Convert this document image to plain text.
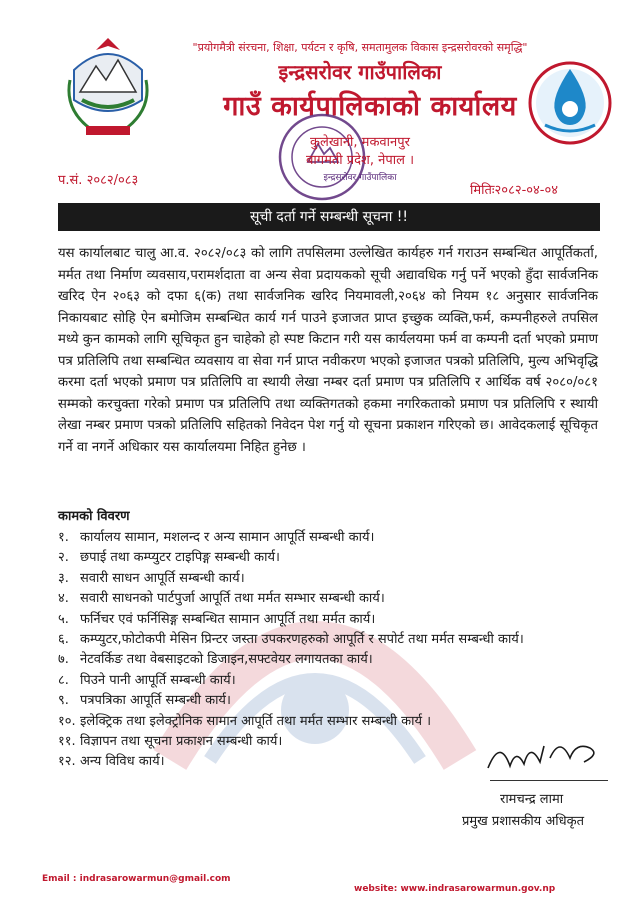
"प्रयोगमैत्री संरचना, शिक्षा, पर्यटन र कृषि, समतामुलक विकास इन्द्रसरोवरको समृद्धि"
इन्द्रसरोवर गाउँपालिका
गाउँ कार्यपालिकाको कार्यालय
कुलेखानी, मकवानपुर
बागमती प्रदेश, नेपाल ।
इन्द्रसरोवर गाउँपालिका
प.सं. २०८२/०८३
मितिः२०८२-०४-०४
सूची दर्ता गर्ने सम्बन्धी सूचना !!
यस कार्यालबाट चालु आ.व. २०८२/०८३ को लागि तपसिलमा उल्लेखित कार्यहरु गर्न गराउन सम्बन्धित आपूर्तिकर्ता, मर्मत तथा निर्माण व्यवसाय,परामर्शदाता वा अन्य सेवा प्रदायकको सूची अद्यावधिक गर्नु पर्ने भएको हुँदा सार्वजनिक खरिद ऐन २०६३ को दफा ६(क) तथा सार्वजनिक खरिद नियमावली,२०६४ को नियम १८ अनुसार सार्वजनिक निकायबाट सोहि ऐन बमोजिम सम्बन्धित कार्य गर्न पाउने इजाजत प्राप्त इच्छुक व्यक्ति,फर्म, कम्पनीहरुले तपसिल मध्ये कुन कामको लागि सूचिकृत हुन चाहेको हो स्पष्ट किटान गरी यस कार्यलयमा फर्म वा कम्पनी दर्ता भएको प्रमाण पत्र प्रतिलिपि तथा सम्बन्धित व्यवसाय वा सेवा गर्न प्राप्त नवीकरण भएको इजाजत पत्रको प्रतिलिपि, मुल्य अभिवृद्धि करमा दर्ता भएको प्रमाण पत्र प्रतिलिपि वा स्थायी लेखा नम्बर दर्ता प्रमाण पत्र प्रतिलिपि र आर्थिक वर्ष २०८०/०८१ सम्मको करचुक्ता गरेको प्रमाण पत्र प्रतिलिपि तथा व्यक्तिगतको हकमा नगरिकताको प्रमाण पत्र प्रतिलिपि र स्थायी लेखा नम्बर प्रमाण पत्रको प्रतिलिपि सहितको निवेदन पेश गर्नु यो सूचना प्रकाशन गरिएको छ। आवेदकलाई सूचिकृत गर्ने वा नगर्ने अधिकार यस कार्यालयमा निहित हुनेछ ।
कामको विवरण
१. कार्यालय सामान, मशलन्द र अन्य सामान आपूर्ति सम्बन्धी कार्य।
२. छपाई तथा कम्प्युटर टाइपिङ्ग सम्बन्धी कार्य।
३. सवारी साधन आपूर्ति सम्बन्धी कार्य।
४. सवारी साधनको पार्टपुर्जा आपूर्ति तथा मर्मत सम्भार सम्बन्धी कार्य।
५. फर्निचर एवं फर्निसिङ्ग सम्बन्धित सामान आपूर्ति तथा मर्मत कार्य।
६. कम्प्युटर,फोटोकपी मेसिन प्रिन्टर जस्ता उपकरणहरुको आपूर्ति र सपोर्ट तथा मर्मत सम्बन्धी कार्य।
७. नेटवर्किङ तथा वेबसाइटको डिजाइन,सफ्टवेयर लगायतका कार्य।
८. पिउने पानी आपूर्ति सम्बन्धी कार्य।
९. पत्रपत्रिका आपूर्ति सम्बन्धी कार्य।
१०. इलेक्ट्रिक तथा इलेक्ट्रोनिक सामान आपूर्ति तथा मर्मत सम्भार सम्बन्धी कार्य ।
११. विज्ञापन तथा सूचना प्रकाशन सम्बन्धी कार्य।
१२. अन्य विविध कार्य।
रामचन्द्र लामा
प्रमुख प्रशासकीय अधिकृत
Email : indrasarowarmun@gmail.com
website: www.indrasarowarmun.gov.np
